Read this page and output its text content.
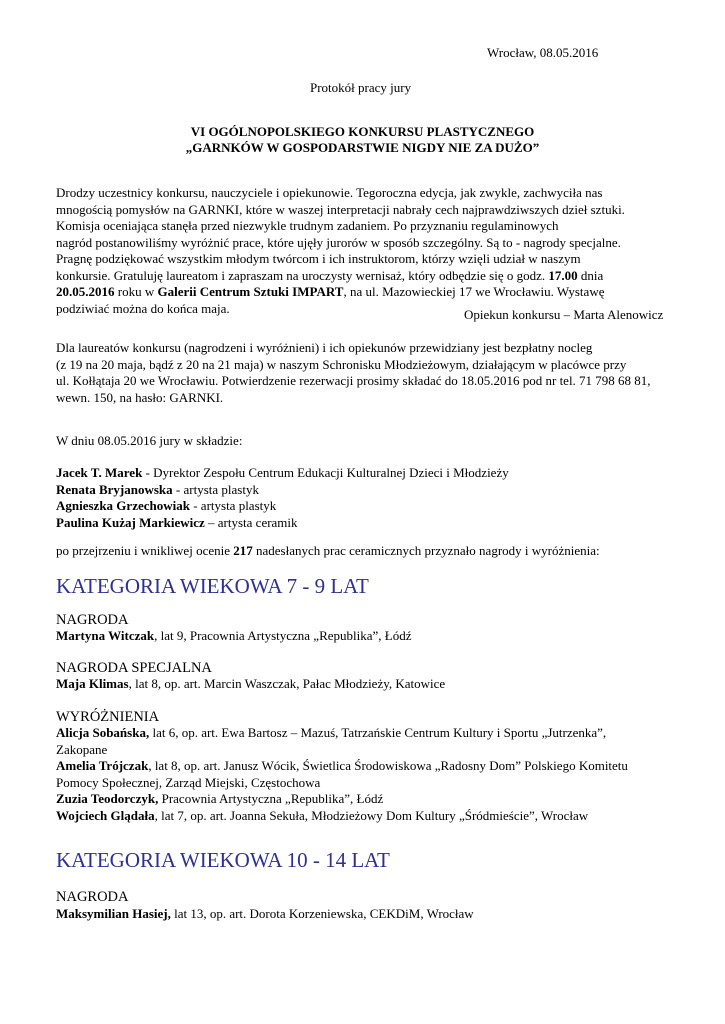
Wrocław, 08.05.2016
Protokół pracy jury
VI OGÓLNOPOLSKIEGO KONKURSU PLASTYCZNEGO
„GARNKÓW W GOSPODARSTWIE NIGDY NIE ZA DUŻO”
Drodzy uczestnicy konkursu, nauczyciele i opiekunowie. Tegoroczna edycja, jak zwykle, zachwyciła nas
mnogością pomysłów na GARNKI, które w waszej interpretacji nabrały cech najprawdziwszych dzieł sztuki.
Komisja oceniająca stanęła przed niezwykle trudnym zadaniem. Po przyznaniu regulaminowych
nagród postanowiliśmy wyróżnić prace, które ujęły jurorów w sposób szczególny. Są to - nagrody specjalne.
Pragnę podziękować wszystkim młodym twórcom i ich instruktorom, którzy wzięli udział w naszym
konkursie. Gratuluję laureatom i zapraszam na uroczysty wernisaż, który odbędzie się o godz. 17.00 dnia
20.05.2016 roku w Galerii Centrum Sztuki IMPART, na ul. Mazowieckiej 17 we Wrocławiu. Wystawę
podziwiać można do końca maja.	Opiekun konkursu – Marta Alenowicz
Dla laureatów konkursu (nagrodzeni i wyróżnieni) i ich opiekunów przewidziany jest bezpłatny nocleg
(z 19 na 20 maja, bądź z 20 na 21 maja) w naszym Schronisku Młodzieżowym, działającym w placówce przy
ul. Kołłątaja 20 we Wrocławiu. Potwierdzenie rezerwacji prosimy składać do 18.05.2016 pod nr tel. 71 798 68 81,
wewn. 150, na hasło: GARNKI.
W dniu 08.05.2016 jury w składzie:
Jacek T. Marek - Dyrektor Zespołu Centrum Edukacji Kulturalnej Dzieci i Młodzieży
Renata Bryjanowska - artysta plastyk
Agnieszka Grzechowiak - artysta plastyk
Paulina Kużaj Markiewicz – artysta ceramik
po przejrzeniu i wnikliwej ocenie 217 nadesłanych prac ceramicznych przyznało nagrody i wyróżnienia:
KATEGORIA WIEKOWA 7 - 9 LAT
NAGRODA
Martyna Witczak, lat 9, Pracownia Artystyczna „Republika”, Łódź
NAGRODA SPECJALNA
Maja Klimas, lat 8, op. art. Marcin Waszczak, Pałac Młodzieży, Katowice
WYRÓŻNIENIA
Alicja Sobańska, lat 6, op. art. Ewa Bartosz – Mazuś, Tatrzańskie Centrum Kultury i Sportu „Jutrzenka”,
Zakopane
Amelia Trójczak, lat 8, op. art. Janusz Wócik, Świetlica Środowiskowa „Radosny Dom” Polskiego Komitetu
Pomocy Społecznej, Zarząd Miejski, Częstochowa
Zuzia Teodorczyk, Pracownia Artystyczna „Republika”, Łódź
Wojciech Glądała, lat 7, op. art. Joanna Sekuła, Młodzieżowy Dom Kultury „Śródmieście”, Wrocław
KATEGORIA WIEKOWA 10 - 14 LAT
NAGRODA
Maksymilian Hasiej, lat 13, op. art. Dorota Korzeniewska, CEKDiM, Wrocław
